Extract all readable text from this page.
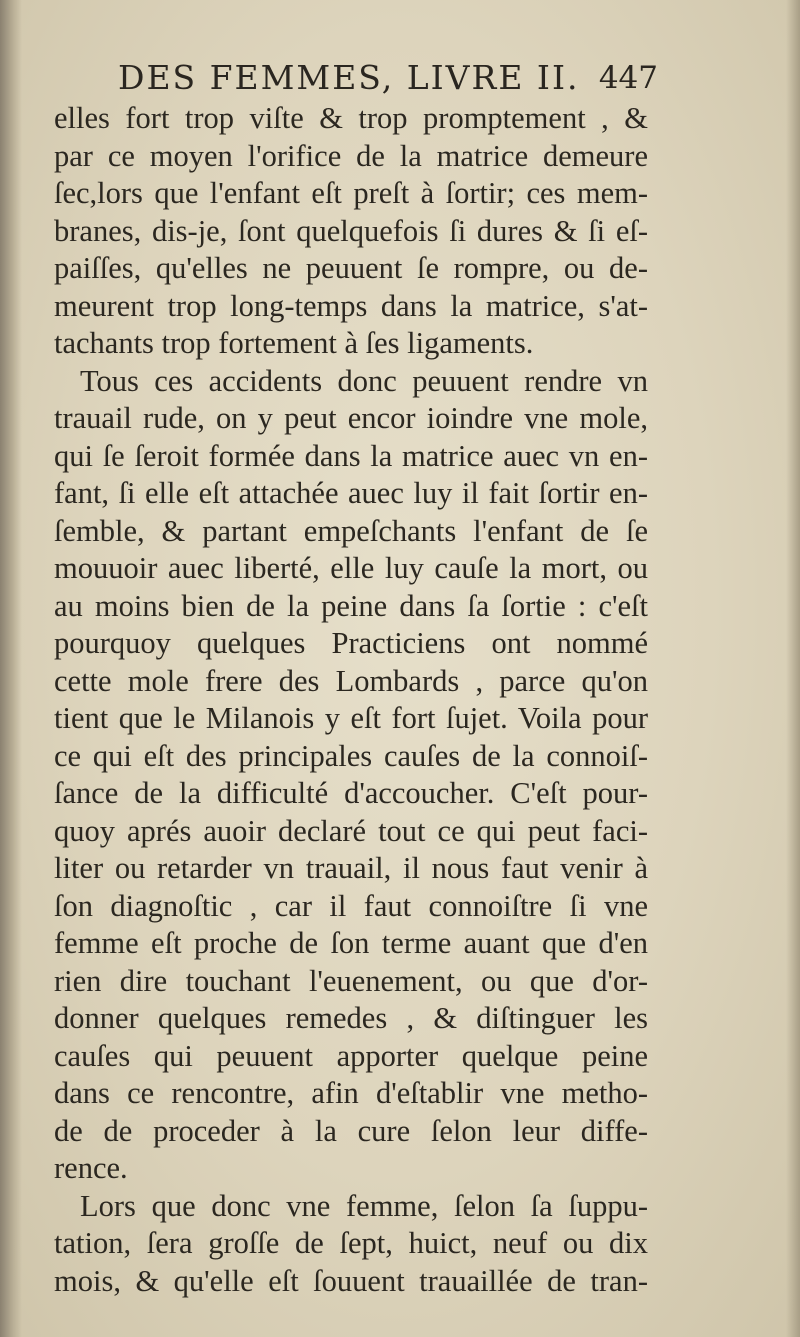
DES FEMMES, LIVRE II. 447
elles fort trop viſte & trop promptement , &
par ce moyen l'orifice de la matrice demeure
ſec,lors que l'enfant eſt preſt à ſortir; ces mem-
branes, dis-je, ſont quelquefois ſi dures & ſi eſ-
paiſſes, qu'elles ne peuuent ſe rompre, ou de-
meurent trop long-temps dans la matrice, s'at-
tachants trop fortement à ſes ligaments.
Tous ces accidents donc peuuent rendre vn
trauail rude, on y peut encor ioindre vne mole,
qui ſe ſeroit formée dans la matrice auec vn en-
fant, ſi elle eſt attachée auec luy il fait ſortir en-
ſemble, & partant empeſchants l'enfant de ſe
mouuoir auec liberté, elle luy cauſe la mort, ou
au moins bien de la peine dans ſa ſortie : c'eſt
pourquoy quelques Practiciens ont nommé
cette mole frere des Lombards , parce qu'on
tient que le Milanois y eſt fort ſujet. Voila pour
ce qui eſt des principales cauſes de la connoiſ-
ſance de la difficulté d'accoucher. C'eſt pour-
quoy aprés auoir declaré tout ce qui peut faci-
liter ou retarder vn trauail, il nous faut venir à
ſon diagnoſtic , car il faut connoiſtre ſi vne
femme eſt proche de ſon terme auant que d'en
rien dire touchant l'euenement, ou que d'or-
donner quelques remedes , & diſtinguer les
cauſes qui peuuent apporter quelque peine
dans ce rencontre, afin d'eſtablir vne metho-
de de proceder à la cure ſelon leur diffe-
rence.
Lors que donc vne femme, ſelon ſa ſuppu-
tation, ſera groſſe de ſept, huict, neuf ou dix
mois, & qu'elle eſt ſouuent trauaillée de tran-
